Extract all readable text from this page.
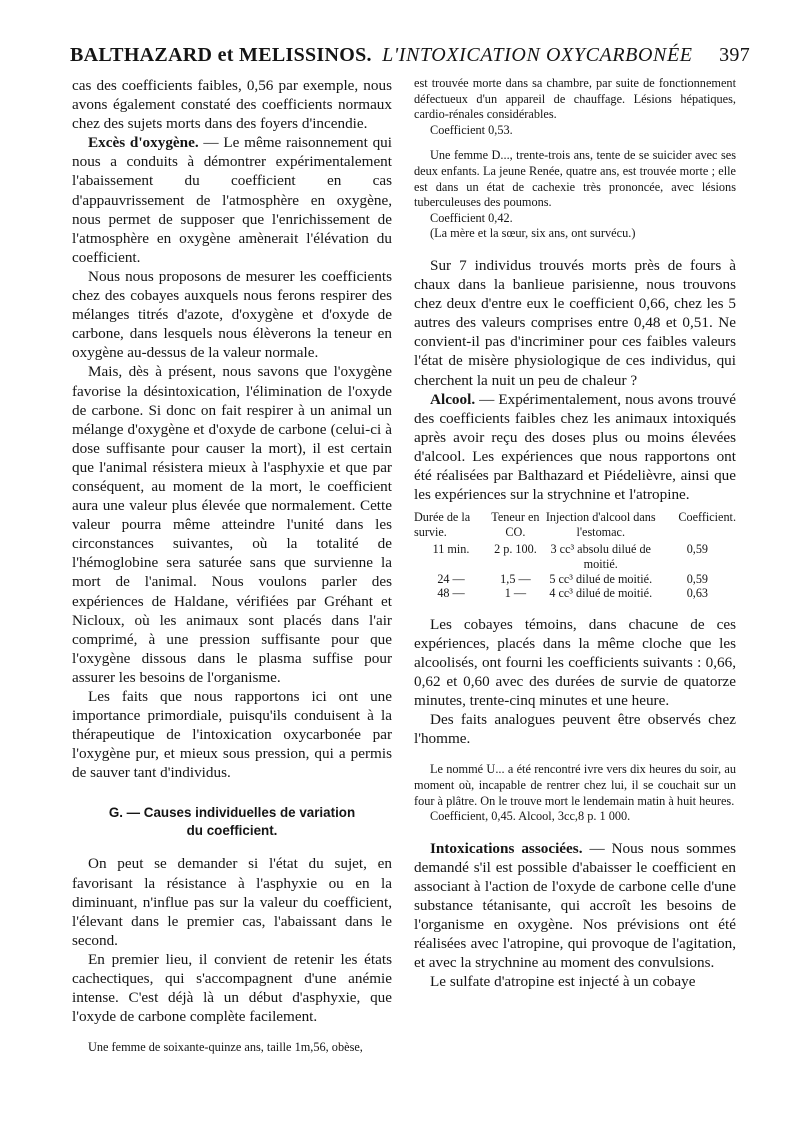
BALTHAZARD et MELISSINOS. L'INTOXICATION OXYCARBONÉE 397

cas des coefficients faibles, 0,56 par exemple, nous avons également constaté des coefficients normaux chez des sujets morts dans des foyers d'incendie.

Excès d'oxygène. — Le même raisonnement qui nous a conduits à démontrer expérimentalement l'abaissement du coefficient en cas d'appauvrissement de l'atmosphère en oxygène, nous permet de supposer que l'enrichissement de l'atmosphère en oxygène amènerait l'élévation du coefficient.

Nous nous proposons de mesurer les coefficients chez des cobayes auxquels nous ferons respirer des mélanges titrés d'azote, d'oxygène et d'oxyde de carbone, dans lesquels nous élèverons la teneur en oxygène au-dessus de la valeur normale.

Mais, dès à présent, nous savons que l'oxygène favorise la désintoxication, l'élimination de l'oxyde de carbone. Si donc on fait respirer à un animal un mélange d'oxygène et d'oxyde de carbone (celui-ci à dose suffisante pour causer la mort), il est certain que l'animal résistera mieux à l'asphyxie et que par conséquent, au moment de la mort, le coefficient aura une valeur plus élevée que normalement. Cette valeur pourra même atteindre l'unité dans les circonstances suivantes, où la totalité de l'hémoglobine sera saturée sans que survienne la mort de l'animal. Nous voulons parler des expériences de Haldane, vérifiées par Gréhant et Nicloux, où les animaux sont placés dans l'air comprimé, à une pression suffisante pour que l'oxygène dissous dans le plasma suffise pour assurer les besoins de l'organisme.

Les faits que nous rapportons ici ont une importance primordiale, puisqu'ils conduisent à la thérapeutique de l'intoxication oxycarbonée par l'oxygène pur, et mieux sous pression, qui a permis de sauver tant d'individus.

G. — Causes individuelles de variation
du coefficient.

On peut se demander si l'état du sujet, en favorisant la résistance à l'asphyxie ou en la diminuant, n'influe pas sur la valeur du coefficient, l'élevant dans le premier cas, l'abaissant dans le second.

En premier lieu, il convient de retenir les états cachectiques, qui s'accompagnent d'une anémie intense. C'est déjà là un début d'asphyxie, que l'oxyde de carbone complète facilement.

Une femme de soixante-quinze ans, taille 1m,56, obèse,

est trouvée morte dans sa chambre, par suite de fonctionnement défectueux d'un appareil de chauffage. Lésions hépatiques, cardio-rénales considérables.

Coefficient 0,53.

Une femme D..., trente-trois ans, tente de se suicider avec ses deux enfants. La jeune Renée, quatre ans, est trouvée morte ; elle est dans un état de cachexie très prononcée, avec lésions tuberculeuses des poumons.

Coefficient 0,42.

(La mère et la sœur, six ans, ont survécu.)

Sur 7 individus trouvés morts près de fours à chaux dans la banlieue parisienne, nous trouvons chez deux d'entre eux le coefficient 0,66, chez les 5 autres des valeurs comprises entre 0,48 et 0,51. Ne convient-il pas d'incriminer pour ces faibles valeurs l'état de misère physiologique de ces individus, qui cherchent la nuit un peu de chaleur ?

Alcool. — Expérimentalement, nous avons trouvé des coefficients faibles chez les animaux intoxiqués après avoir reçu des doses plus ou moins élevées d'alcool. Les expériences que nous rapportons ont été réalisées par Balthazard et Piédelièvre, ainsi que les expériences sur la strychnine et l'atropine.

Durée de la survie.	Teneur en CO.	Injection d'alcool dans l'estomac.	Coefficient.
11 min.	2 p. 100.	3 cc³ absolu dilué de moitié.	0,59
24 —	1,5 —	5 cc³ dilué de moitié.	0,59
48 —	1 —	4 cc³ dilué de moitié.	0,63

Les cobayes témoins, dans chacune de ces expériences, placés dans la même cloche que les alcoolisés, ont fourni les coefficients suivants : 0,66, 0,62 et 0,60 avec des durées de survie de quatorze minutes, trente-cinq minutes et une heure.

Des faits analogues peuvent être observés chez l'homme.

Le nommé U... a été rencontré ivre vers dix heures du soir, au moment où, incapable de rentrer chez lui, il se couchait sur un four à plâtre. On le trouve mort le lendemain matin à huit heures.

Coefficient, 0,45. Alcool, 3cc,8 p. 1 000.

Intoxications associées. — Nous nous sommes demandé s'il est possible d'abaisser le coefficient en associant à l'action de l'oxyde de carbone celle d'une substance tétanisante, qui accroît les besoins de l'organisme en oxygène. Nos prévisions ont été réalisées avec l'atropine, qui provoque de l'agitation, et avec la strychnine au moment des convulsions.

Le sulfate d'atropine est injecté à un cobaye
